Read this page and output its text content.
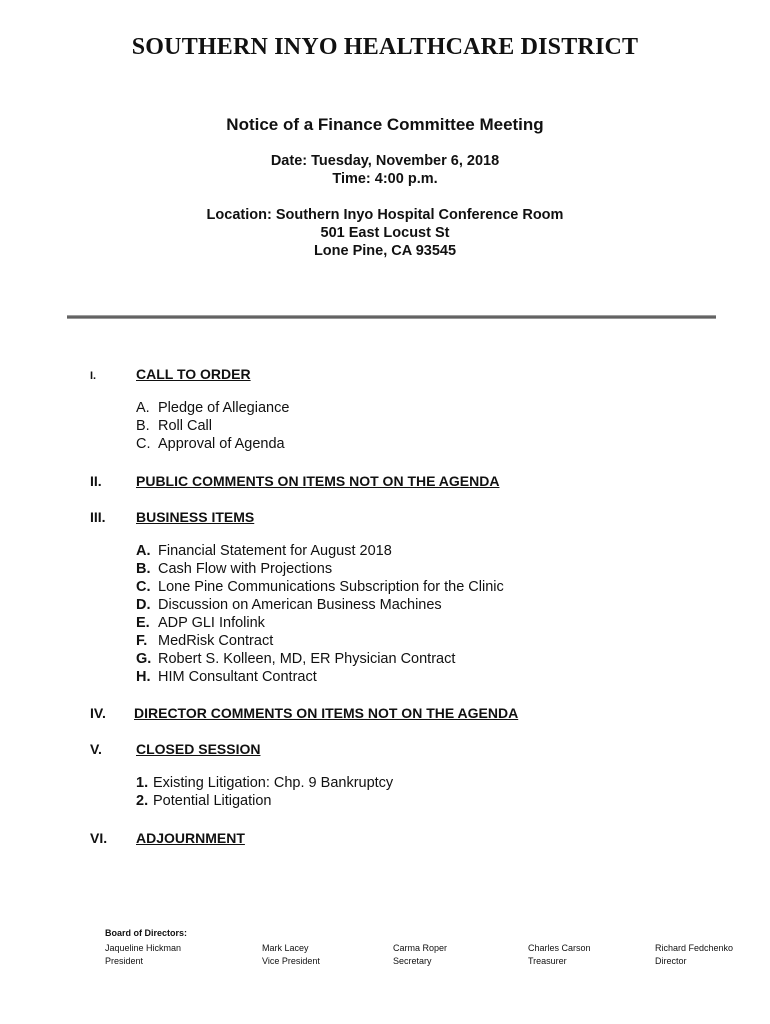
SOUTHERN INYO HEALTHCARE DISTRICT
Notice of a Finance Committee Meeting
Date: Tuesday, November 6, 2018
Time: 4:00 p.m.
Location: Southern Inyo Hospital Conference Room
501 East Locust St
Lone Pine, CA 93545
I.	CALL TO ORDER
A. Pledge of Allegiance
B. Roll Call
C. Approval of Agenda
II. PUBLIC COMMENTS ON ITEMS NOT ON THE AGENDA
III. BUSINESS ITEMS
A. Financial Statement for August 2018
B. Cash Flow with Projections
C. Lone Pine Communications Subscription for the Clinic
D. Discussion on American Business Machines
E. ADP GLI Infolink
F. MedRisk Contract
G. Robert S. Kolleen, MD, ER Physician Contract
H. HIM Consultant Contract
IV. DIRECTOR COMMENTS ON ITEMS NOT ON THE AGENDA
V. CLOSED SESSION
1. Existing Litigation: Chp. 9 Bankruptcy
2. Potential Litigation
VI. ADJOURNMENT
Board of Directors:
Jaqueline Hickman
President
Mark Lacey
Vice President
Carma Roper
Secretary
Charles Carson
Treasurer
Richard Fedchenko
Director
